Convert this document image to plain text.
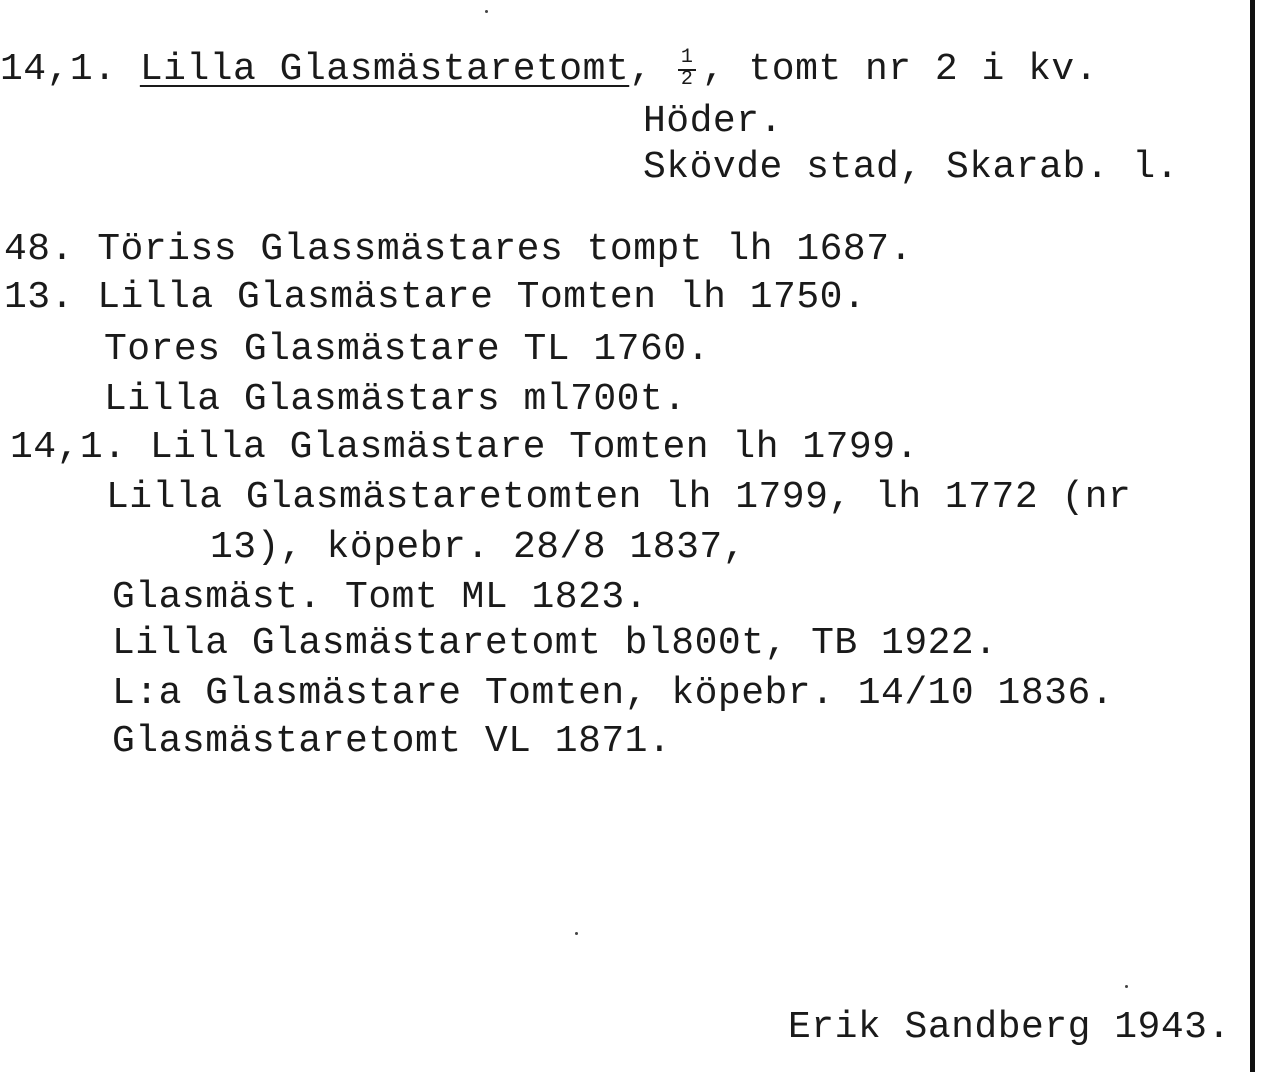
14,1. Lilla Glasmästaretomt, $\frac{1}{2}$ , tomt nr 2 i kv.
Höder.
Skövde stad, Skarab. l.
48. Töriss Glassmästares tompt lh 1687.
13. Lilla Glasmästare Tomten lh 1750.
Tores Glasmästare TL 1760.
Lilla Glasmästars ml700t.
14,1. Lilla Glasmästare Tomten lh 1799.
Lilla Glasmästaretomten lh 1799, lh 1772 (nr
13), köpebr. 28/8 1837,
Glasmäst. Tomt ML 1823.
Lilla Glasmästaretomt bl800t, TB 1922.
L:a Glasmästare Tomten, köpebr. 14/10 1836.
Glasmästaretomt VL 1871.
Erik Sandberg 1943.
